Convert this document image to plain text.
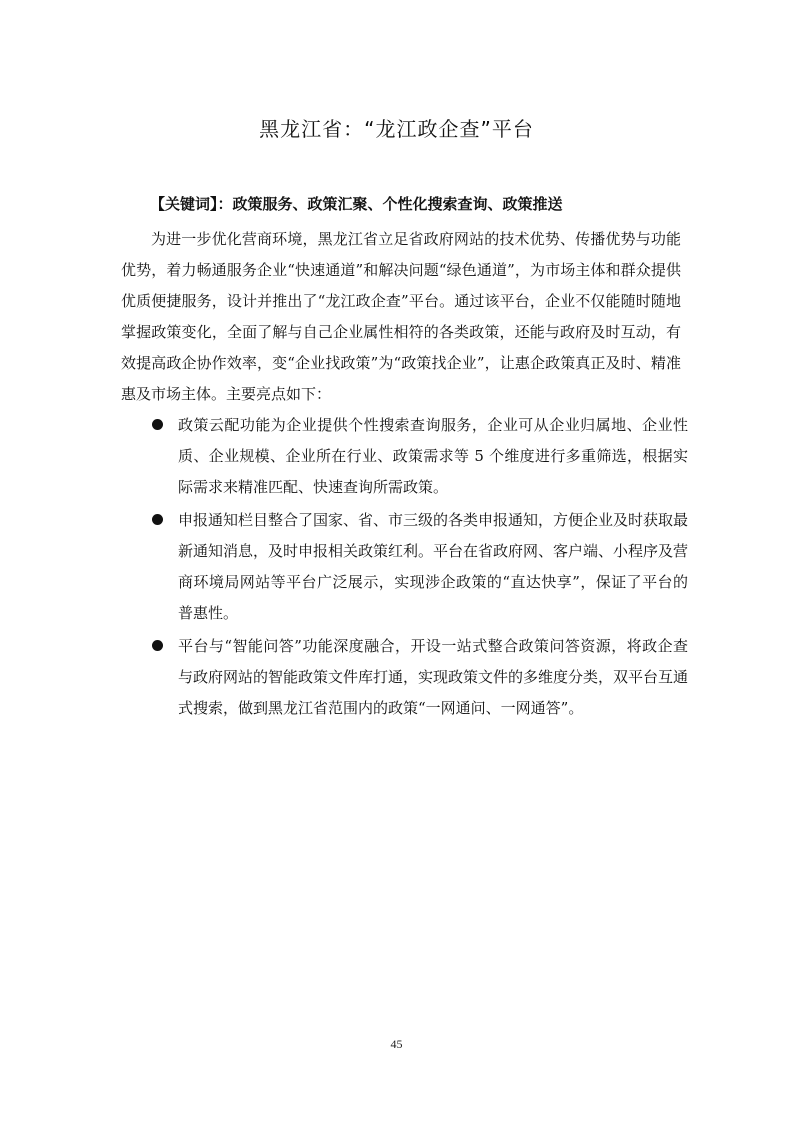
黑龙江省：“龙江政企查”平台
【关键词】：政策服务、政策汇聚、个性化搜索查询、政策推送

为进一步优化营商环境，黑龙江省立足省政府网站的技术优势、传播优势与功能优势，着力畅通服务企业“快速通道”和解决问题“绿色通道”，为市场主体和群众提供优质便捷服务，设计并推出了“龙江政企查”平台。通过该平台，企业不仅能随时随地掌握政策变化，全面了解与自己企业属性相符的各类政策，还能与政府及时互动，有效提高政企协作效率，变“企业找政策”为“政策找企业”，让惠企政策真正及时、精准惠及市场主体。主要亮点如下：

政策云配功能为企业提供个性搜索查询服务，企业可从企业归属地、企业性质、企业规模、企业所在行业、政策需求等 5 个维度进行多重筛选，根据实际需求来精准匹配、快速查询所需政策。
申报通知栏目整合了国家、省、市三级的各类申报通知，方便企业及时获取最新通知消息，及时申报相关政策红利。平台在省政府网、客户端、小程序及营商环境局网站等平台广泛展示，实现涉企政策的“直达快享”，保证了平台的普惠性。
平台与“智能问答”功能深度融合，开设一站式整合政策问答资源，将政企查与政府网站的智能政策文件库打通，实现政策文件的多维度分类，双平台互通式搜索，做到黑龙江省范围内的政策“一网通问、一网通答”。
45
